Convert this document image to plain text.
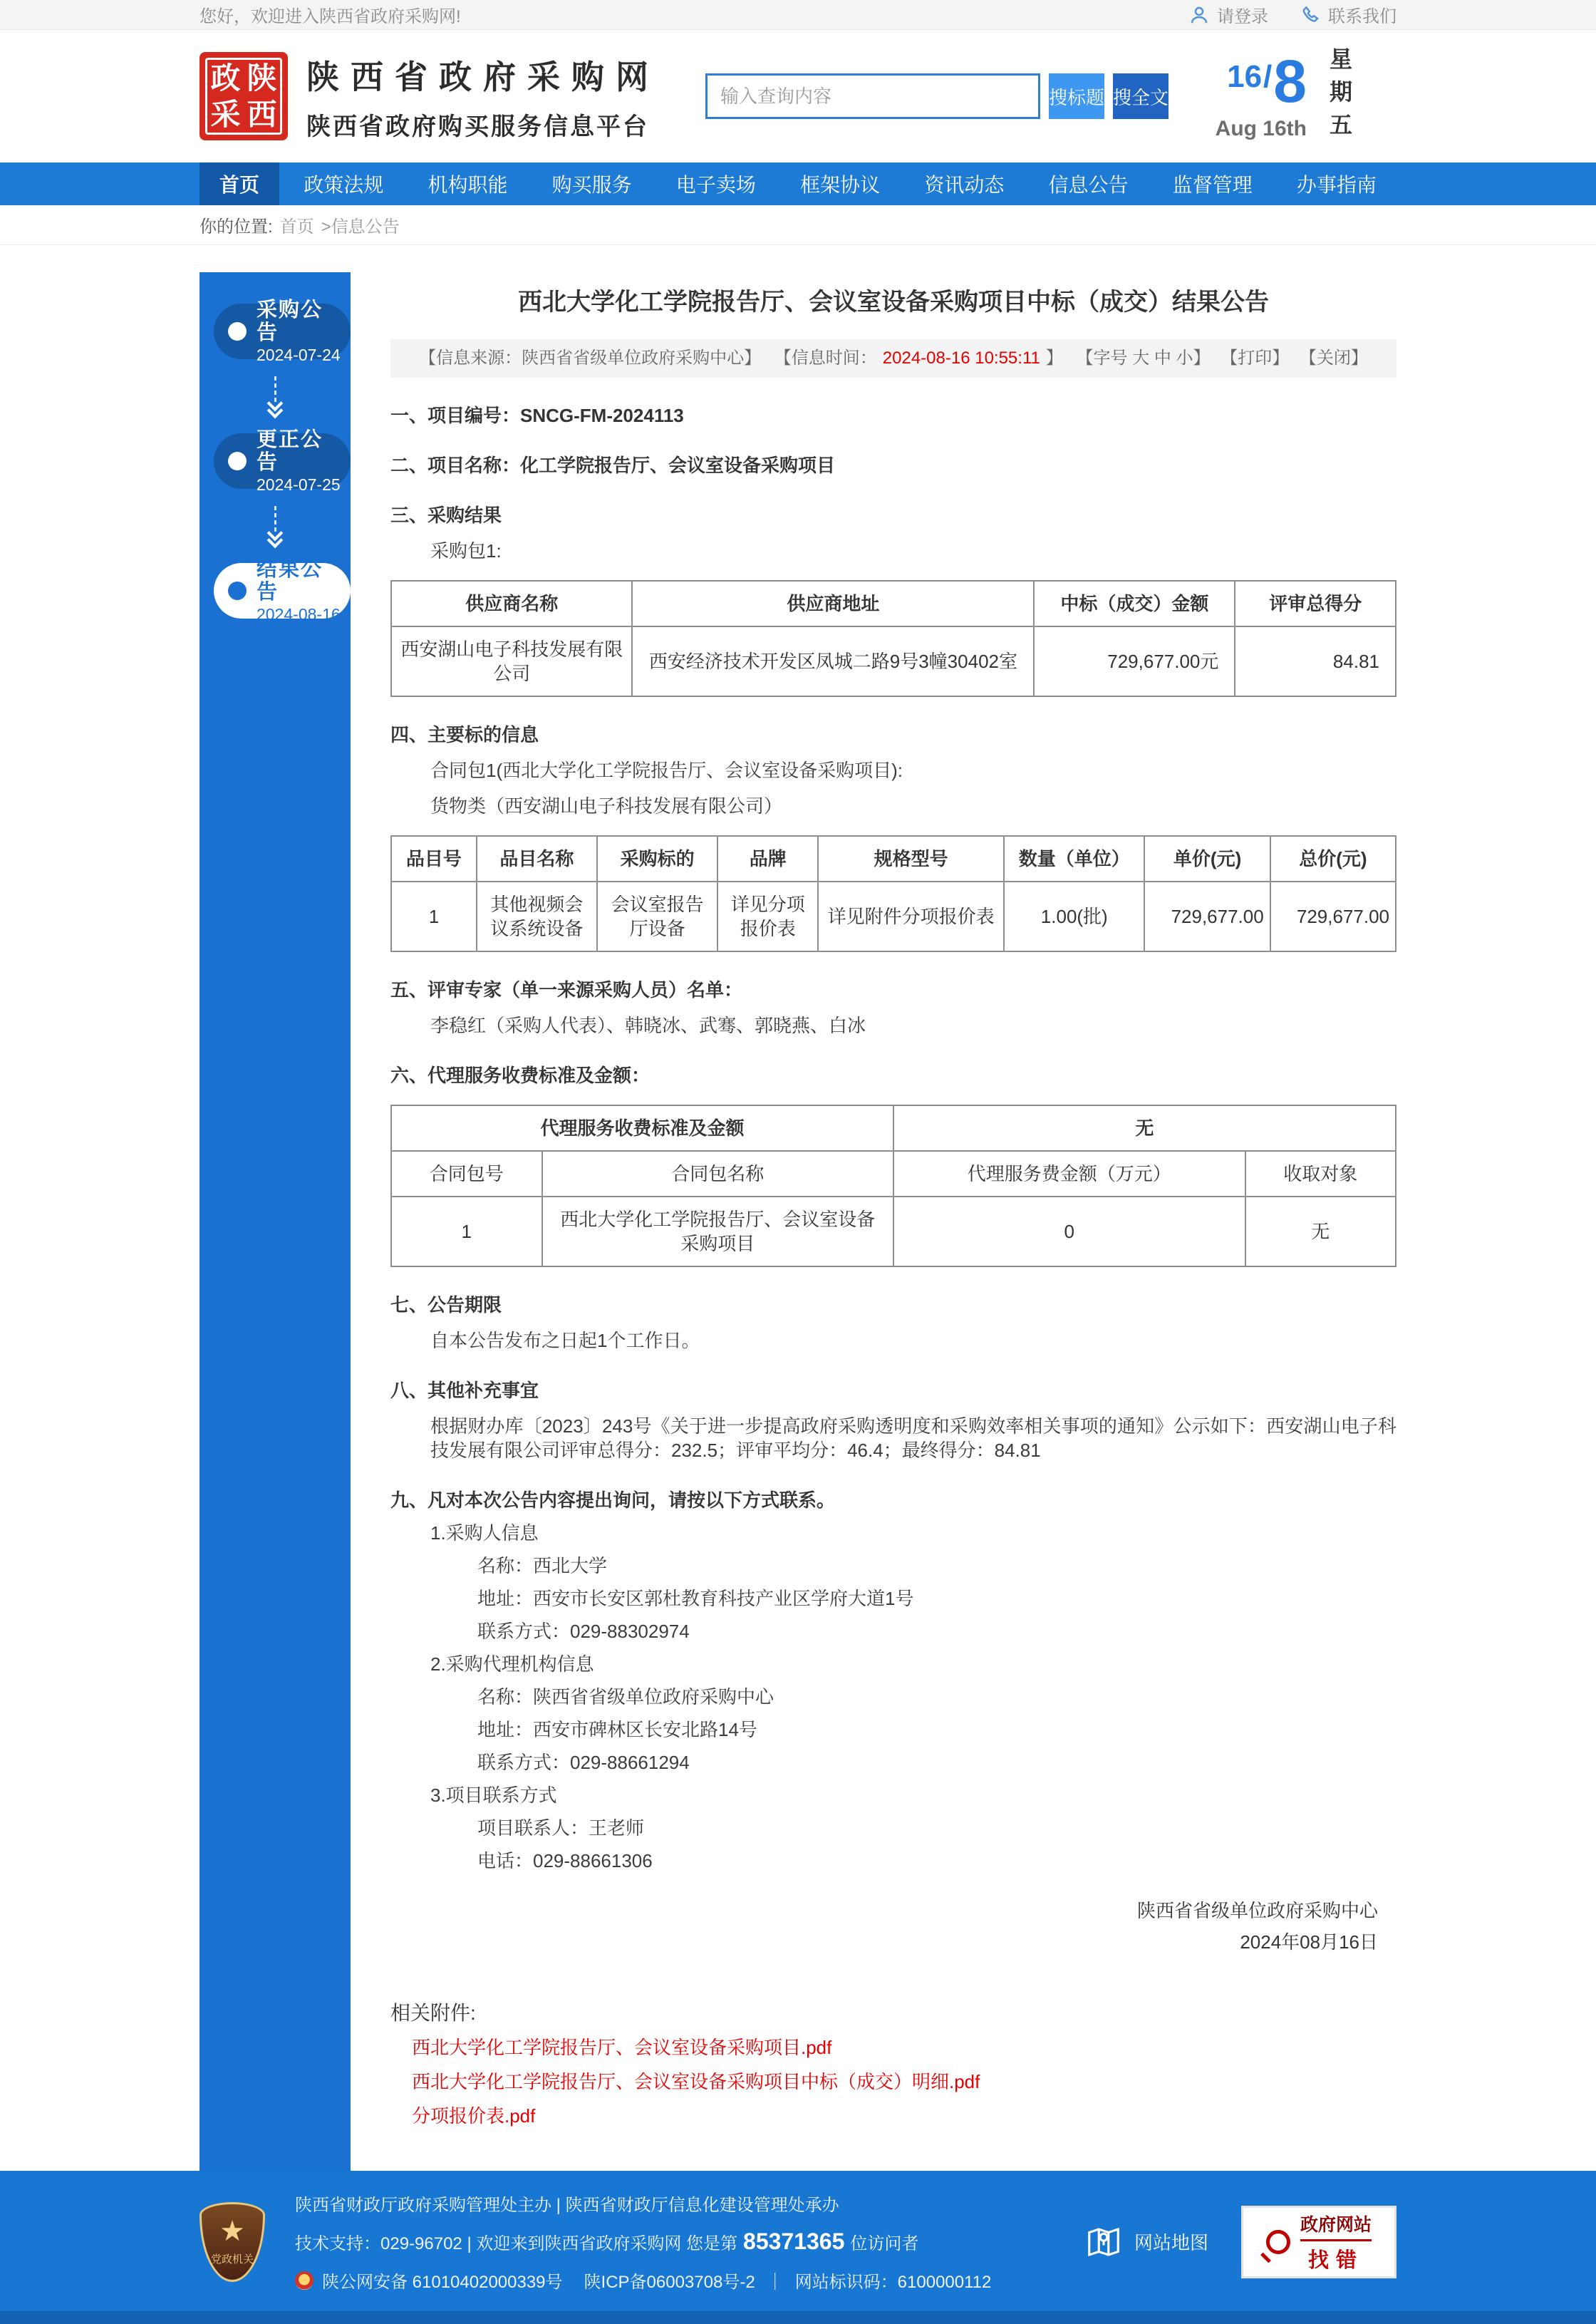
您好，欢迎进入陕西省政府采购网!	请登录	联系我们
政 陕
采 西
陕西省政府采购网
陕西省政府购买服务信息平台
输入查询内容
搜标题 搜全文
16 / 8
Aug 16th 星期五
首页	政策法规	机构职能	购买服务	电子卖场	框架协议	资讯动态	信息公告	监督管理	办事指南
你的位置: 首页 >信息公告
采购公告
2024-07-24
更正公告
2024-07-25
结果公告
2024-08-16
西北大学化工学院报告厅、会议室设备采购项目中标（成交）结果公告
【信息来源：陕西省省级单位政府采购中心】 【信息时间： 2024-08-16 10:55:11 】 【字号 大 中 小】 【打印】 【关闭】
一、项目编号：SNCG-FM-2024113
二、项目名称：化工学院报告厅、会议室设备采购项目
三、采购结果
采购包1:
供应商名称	供应商地址	中标（成交）金额	评审总得分
西安湖山电子科技发展有限公司	西安经济技术开发区凤城二路9号3幢30402室	729,677.00元	84.81
四、主要标的信息
合同包1(西北大学化工学院报告厅、会议室设备采购项目):
货物类（西安湖山电子科技发展有限公司）
品目号	品目名称	采购标的	品牌	规格型号	数量（单位）	单价(元)	总价(元)
1	其他视频会议系统设备	会议室报告厅设备	详见分项报价表	详见附件分项报价表	1.00(批)	729,677.00	729,677.00
五、评审专家（单一来源采购人员）名单：
李稳红（采购人代表）、韩晓冰、武骞、郭晓燕、白冰
六、代理服务收费标准及金额：
代理服务收费标准及金额		无	
合同包号	合同包名称	代理服务费金额（万元）	收取对象
1	西北大学化工学院报告厅、会议室设备采购项目	0	无
七、公告期限
自本公告发布之日起1个工作日。
八、其他补充事宜
根据财办库〔2023〕243号《关于进一步提高政府采购透明度和采购效率相关事项的通知》公示如下：西安湖山电子科技发展有限公司评审总得分：232.5；评审平均分：46.4；最终得分：84.81
九、凡对本次公告内容提出询问，请按以下方式联系。
1.采购人信息
名称：西北大学
地址：西安市长安区郭杜教育科技产业区学府大道1号
联系方式：029-88302974
2.采购代理机构信息
名称：陕西省省级单位政府采购中心
地址：西安市碑林区长安北路14号
联系方式：029-88661294
3.项目联系方式
项目联系人：王老师
电话：029-88661306
陕西省省级单位政府采购中心
2024年08月16日
相关附件:
西北大学化工学院报告厅、会议室设备采购项目.pdf
西北大学化工学院报告厅、会议室设备采购项目中标（成交）明细.pdf
分项报价表.pdf
★
党政机关
陕西省财政厅政府采购管理处主办 | 陕西省财政厅信息化建设管理处承办
技术支持：029-96702 | 欢迎来到陕西省政府采购网 您是第 85371365 位访问者
陕公网安备 61010402000339号 陕ICP备06003708号-2 ｜ 网站标识码：6100000112
网站地图
政府网站
找错
